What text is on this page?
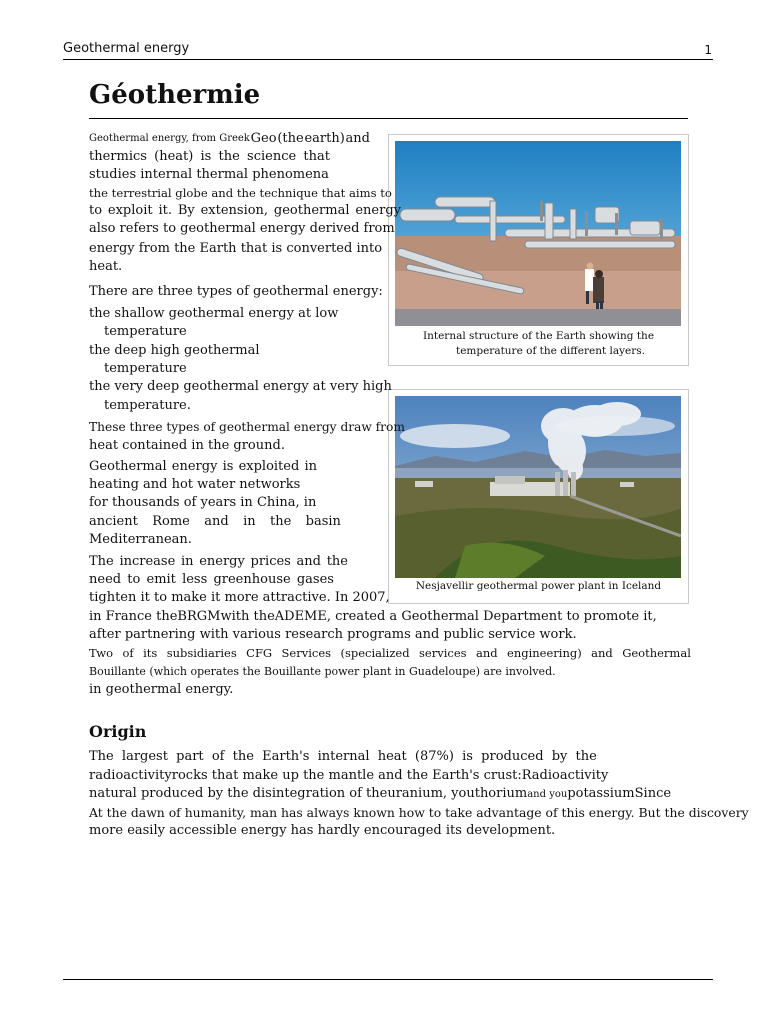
Geothermal energy	1
Géothermie
Internal structure of the Earth showing the
temperature of the different layers.
Nesjavellir geothermal power plant in Iceland
Geothermal energy, from Greek Geo (the earth) and
thermics (heat) is the science that
studies internal thermal phenomena
the terrestrial globe and the technique that aims to
to exploit it. By extension, geothermal energy
also refers to geothermal energy derived from
energy from the Earth that is converted into
heat.
There are three types of geothermal energy:
the shallow geothermal energy at low
temperature
the deep high geothermal
temperature
the very deep geothermal energy at very high
temperature.
These three types of geothermal energy draw from
heat contained in the ground.
Geothermal energy is exploited in
heating and hot water networks
for thousands of years in China, in
ancient Rome and in the basin
Mediterranean.
The increase in energy prices and the
need to emit less greenhouse gases
tighten it to make it more attractive. In 2007,
in France theBRGMwith theADEME, created a Geothermal Department to promote it,
after partnering with various research programs and public service work.
Two of its subsidiaries CFG Services (specialized services and engineering) and Geothermal
Bouillante (which operates the Bouillante power plant in Guadeloupe) are involved.
in geothermal energy.
Origin
The largest part of the Earth's internal heat (87%) is produced by the
radioactivityrocks that make up the mantle and the Earth's crust:Radioactivity
natural produced by the disintegration of theuranium, youthoriumand youpotassiumSince
At the dawn of humanity, man has always known how to take advantage of this energy. But the discovery
more easily accessible energy has hardly encouraged its development.
